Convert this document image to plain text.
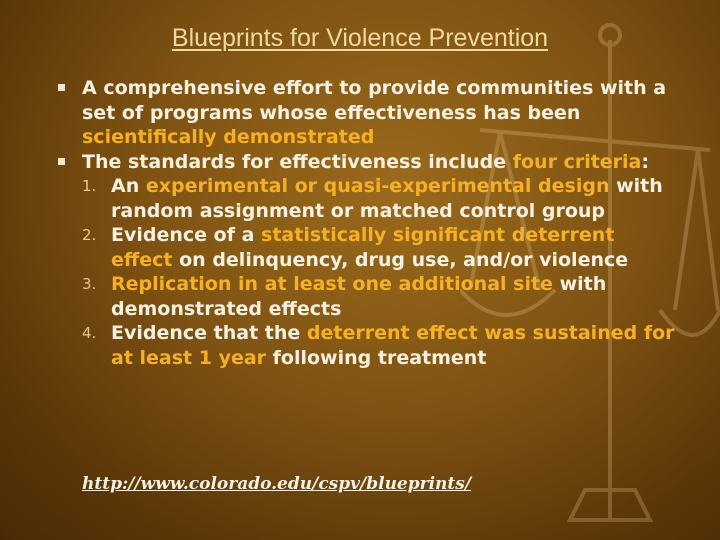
Blueprints for Violence Prevention
A comprehensive effort to provide communities with a set of programs whose effectiveness has been scientifically demonstrated
The standards for effectiveness include four criteria:
1. An experimental or quasi-experimental design with random assignment or matched control group
2. Evidence of a statistically significant deterrent effect on delinquency, drug use, and/or violence
3. Replication in at least one additional site with demonstrated effects
4. Evidence that the deterrent effect was sustained for at least 1 year following treatment
http://www.colorado.edu/cspv/blueprints/
